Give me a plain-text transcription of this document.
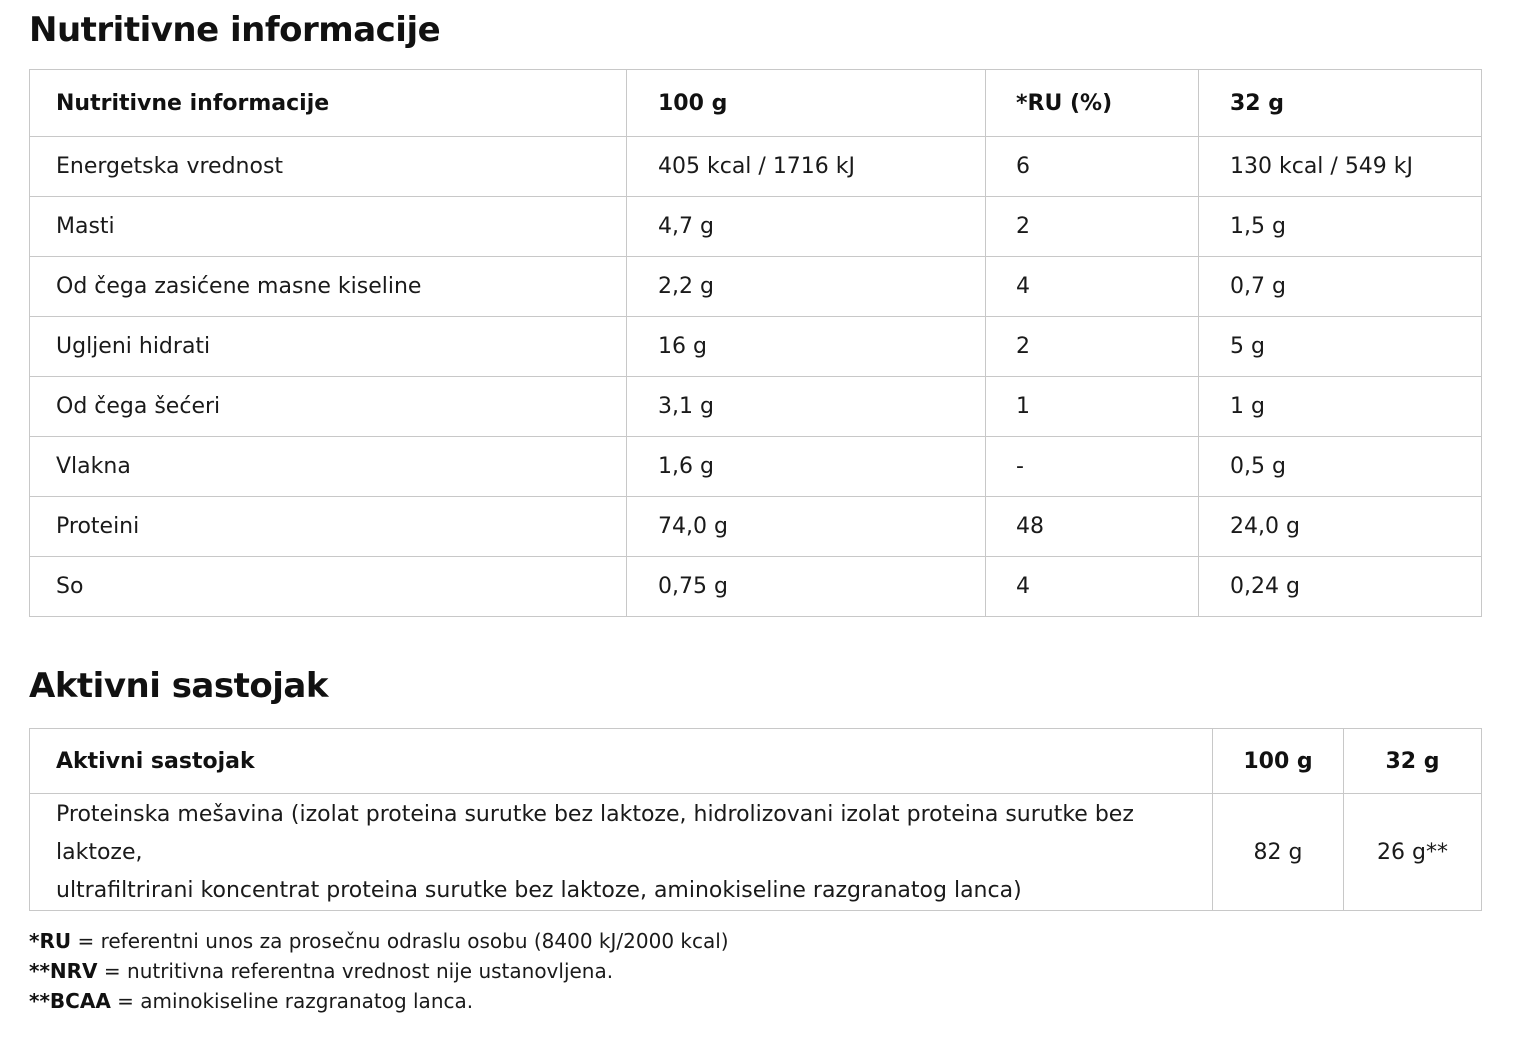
Nutritivne informacije
Nutritivne informacije	100 g	*RU (%)	32 g
Energetska vrednost	405 kcal / 1716 kJ	6	130 kcal / 549 kJ
Masti	4,7 g	2	1,5 g
Od čega zasićene masne kiseline	2,2 g	4	0,7 g
Ugljeni hidrati	16 g	2	5 g
Od čega šećeri	3,1 g	1	1 g
Vlakna	1,6 g	-	0,5 g
Proteini	74,0 g	48	24,0 g
So	0,75 g	4	0,24 g
Aktivni sastojak
Aktivni sastojak	100 g	32 g
Proteinska mešavina (izolat proteina surutke bez laktoze, hidrolizovani izolat proteina surutke bez laktoze,
ultrafiltrirani koncentrat proteina surutke bez laktoze, aminokiseline razgranatog lanca)	82 g	26 g**
*RU = referentni unos za prosečnu odraslu osobu (8400 kJ/2000 kcal)
**NRV = nutritivna referentna vrednost nije ustanovljena.
**BCAA = aminokiseline razgranatog lanca.
